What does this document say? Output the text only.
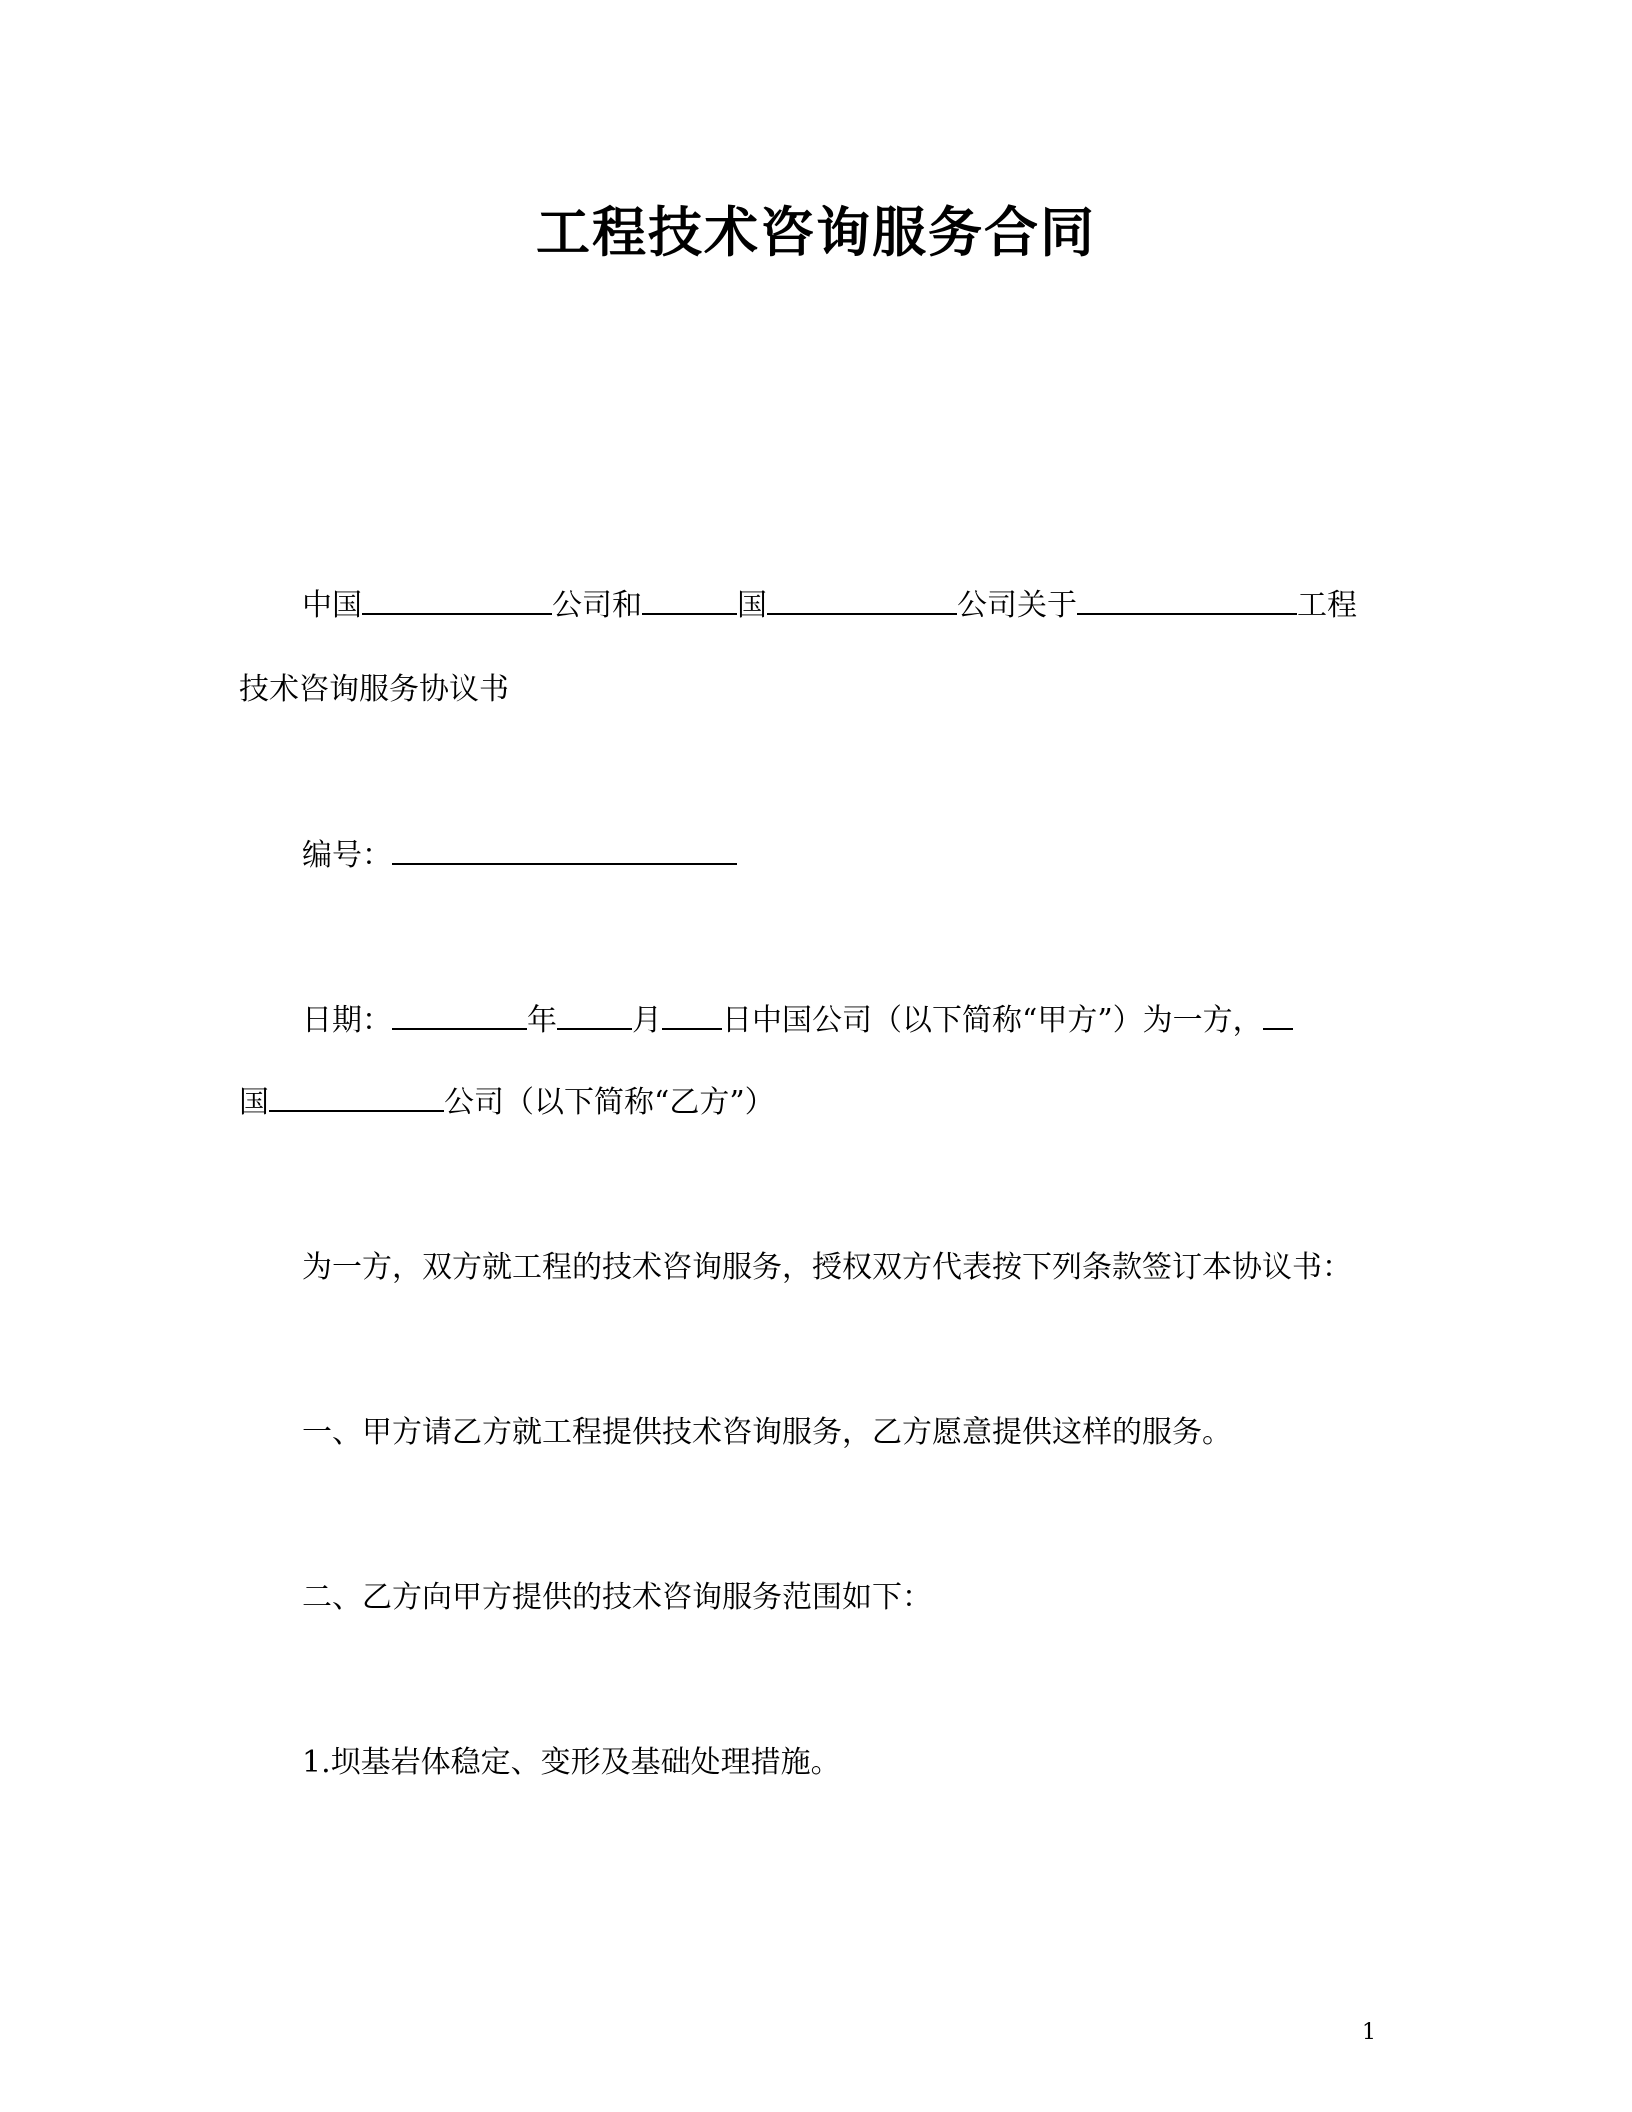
工程技术咨询服务合同
中国	公司和	国	公司关于	工程
技术咨询服务协议书
编号：
日期：	年	月 日中国公司（以下简称“甲方”）为一方，
国	公司（以下简称“乙方”）
为一方，双方就工程的技术咨询服务，授权双方代表按下列条款签订本协议书：
一、甲方请乙方就工程提供技术咨询服务，乙方愿意提供这样的服务。
二、乙方向甲方提供的技术咨询服务范围如下：
1.坝基岩体稳定、变形及基础处理措施。
1
